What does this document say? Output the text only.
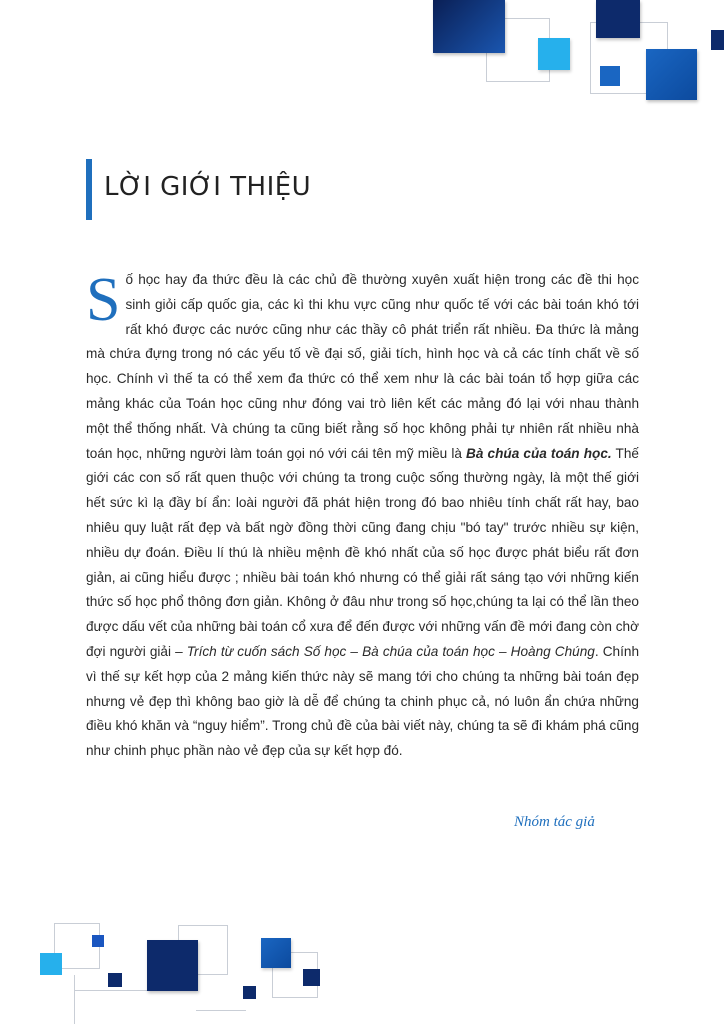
LỜI GIỚI THIỆU

Số học hay đa thức đều là các chủ đề thường xuyên xuất hiện trong các đề thi học sinh giỏi cấp quốc gia, các kì thi khu vực cũng như quốc tế với các bài toán khó tới rất khó được các nước cũng như các thầy cô phát triển rất nhiều. Đa thức là mảng mà chứa đựng trong nó các yếu tố về đại số, giải tích, hình học và cả các tính chất về số học. Chính vì thế ta có thể xem đa thức có thể xem như là các bài toán tổ hợp giữa các mảng khác của Toán học cũng như đóng vai trò liên kết các mảng đó lại với nhau thành một thể thống nhất. Và chúng ta cũng biết rằng số học không phải tự nhiên rất nhiều nhà toán học, những người làm toán gọi nó với cái tên mỹ miều là Bà chúa của toán học. Thế giới các con số rất quen thuộc với chúng ta trong cuộc sống thường ngày, là một thế giới hết sức kì lạ đầy bí ẩn: loài người đã phát hiện trong đó bao nhiêu tính chất rất hay, bao nhiêu quy luật rất đẹp và bất ngờ đồng thời cũng đang chịu "bó tay" trước nhiều sự kiện, nhiều dự đoán. Điều lí thú là nhiều mệnh đề khó nhất của số học được phát biểu rất đơn giản, ai cũng hiểu được ; nhiều bài toán khó nhưng có thể giải rất sáng tạo với những kiến thức số học phổ thông đơn giản. Không ở đâu như trong số học,chúng ta lại có thể lần theo được dấu vết của những bài toán cổ xưa để đến được với những vấn đề mới đang còn chờ đợi người giải – Trích từ cuốn sách Số học – Bà chúa của toán học – Hoàng Chúng. Chính vì thế sự kết hợp của 2 mảng kiến thức này sẽ mang tới cho chúng ta những bài toán đẹp nhưng vẻ đẹp thì không bao giờ là dễ để chúng ta chinh phục cả, nó luôn ẩn chứa những điều khó khăn và “nguy hiểm”. Trong chủ đề của bài viết này, chúng ta sẽ đi khám phá cũng như chinh phục phần nào vẻ đẹp của sự kết hợp đó.

Nhóm tác giả
